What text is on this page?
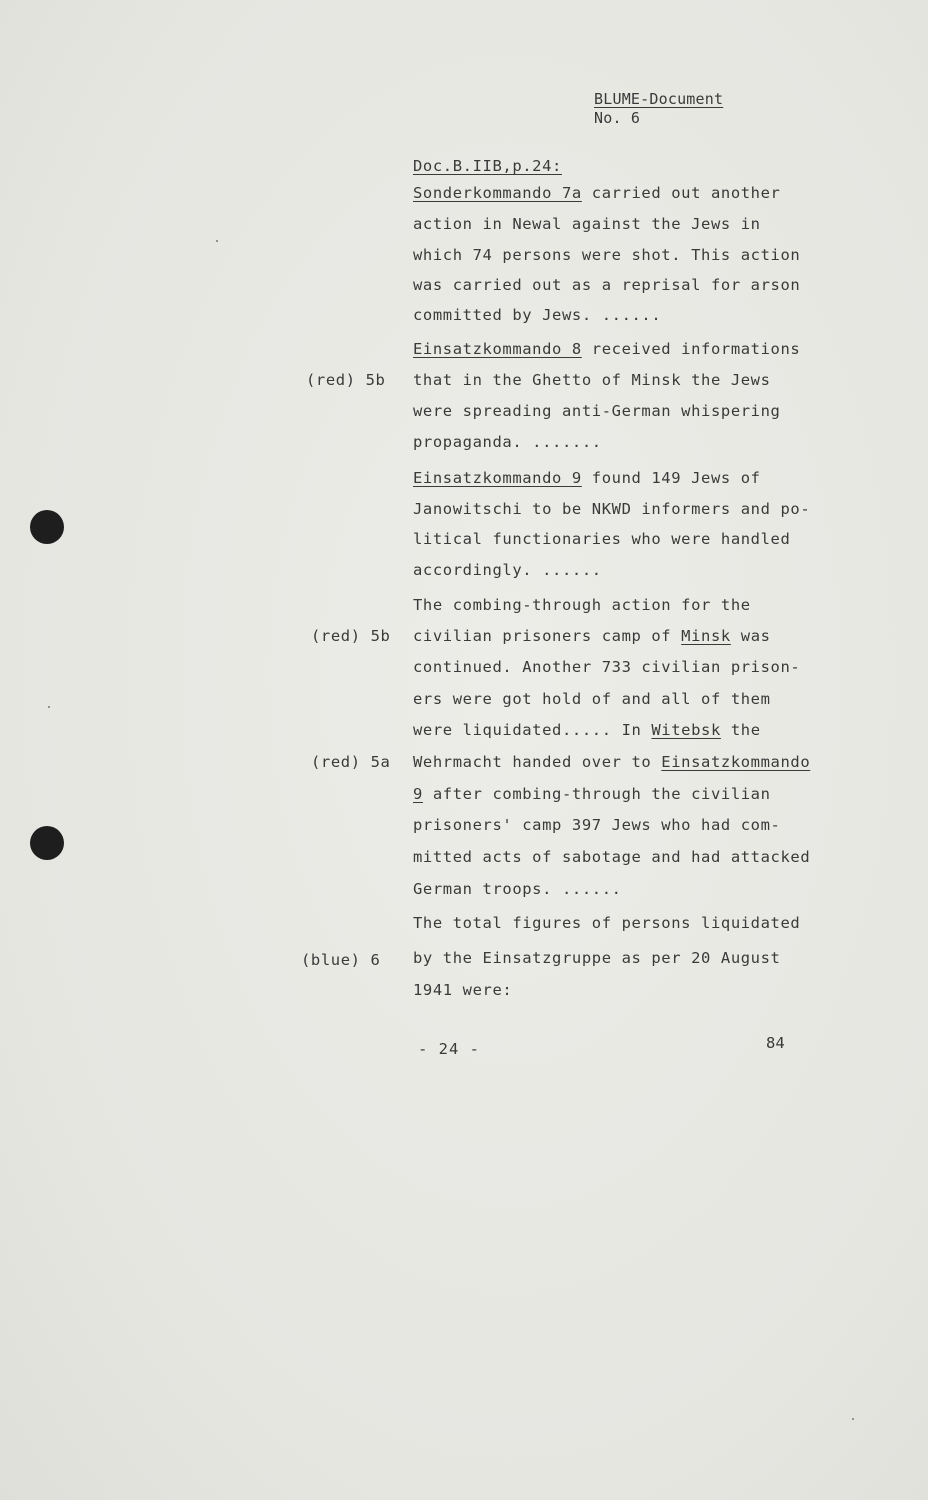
BLUME-Document
No. 6
Doc.B.IIB,p.24:
Sonderkommando 7a carried out another
action in Newal against the Jews in
which 74 persons were shot. This action
was carried out as a reprisal for arson
committed by Jews. ......
Einsatzkommando 8 received informations
that in the Ghetto of Minsk the Jews
were spreading anti-German whispering
propaganda. .......
Einsatzkommando 9 found 149 Jews of
Janowitschi to be NKWD informers and po-
litical functionaries who were handled
accordingly. ......
The combing-through action for the
civilian prisoners camp of Minsk was
continued. Another 733 civilian prison-
ers were got hold of and all of them
were liquidated..... In Witebsk the
Wehrmacht handed over to Einsatzkommando
9 after combing-through the civilian
prisoners' camp 397 Jews who had com-
mitted acts of sabotage and had attacked
German troops. ......
The total figures of persons liquidated
by the Einsatzgruppe as per 20 August
1941 were:
(red) 5b
(red) 5b
(red) 5a
(blue) 6
- 24 -	84
